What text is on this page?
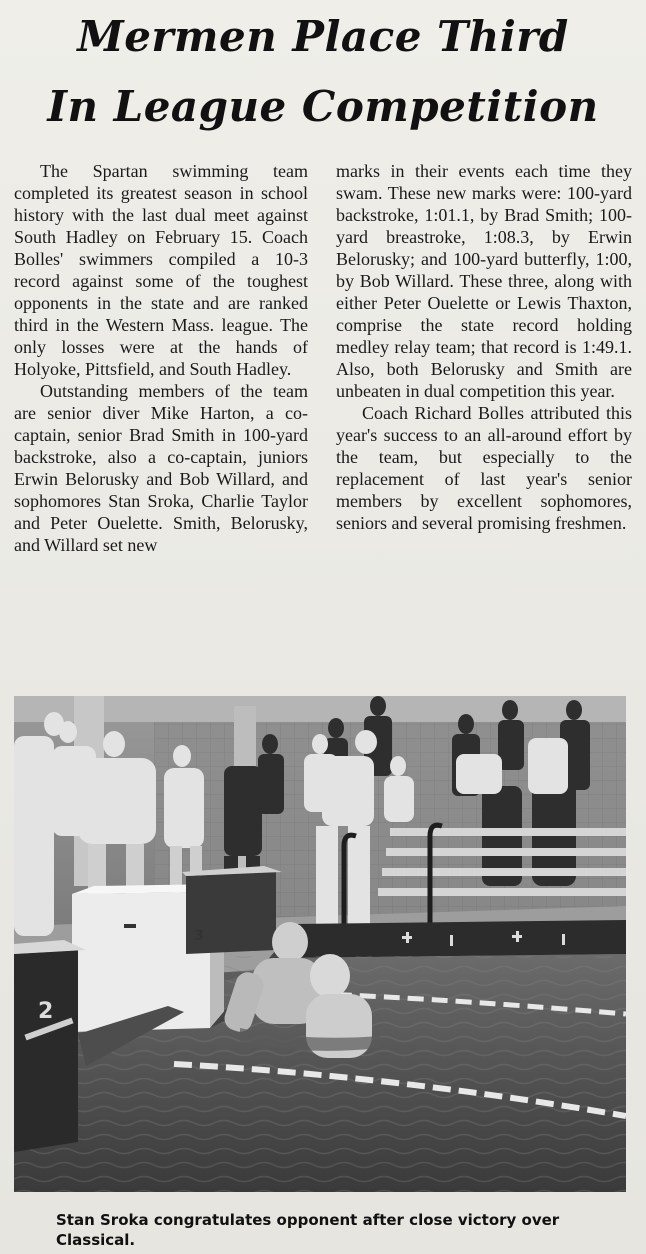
Mermen Place Third
In League Competition

The Spartan swimming team completed its greatest season in school history with the last dual meet against South Hadley on February 15. Coach Bolles' swimmers compiled a 10-3 record against some of the toughest opponents in the state and are ranked third in the Western Mass. league. The only losses were at the hands of Holyoke, Pittsfield, and South Hadley.

Outstanding members of the team are senior diver Mike Harton, a co-captain, senior Brad Smith in 100-yard backstroke, also a co-captain, juniors Erwin Belorusky and Bob Willard, and sophomores Stan Sroka, Charlie Taylor and Peter Ouelette. Smith, Belorusky, and Willard set new

marks in their events each time they swam. These new marks were: 100-yard backstroke, 1:01.1, by Brad Smith; 100-yard breastroke, 1:08.3, by Erwin Belorusky; and 100-yard butterfly, 1:00, by Bob Willard. These three, along with either Peter Ouelette or Lewis Thaxton, comprise the state record holding medley relay team; that record is 1:49.1. Also, both Belorusky and Smith are unbeaten in dual competition this year.

Coach Richard Bolles attributed this year's success to an all-around effort by the team, but especially to the replacement of last year's senior members by excellent sophomores, seniors and several promising freshmen.

2
3
Stan Sroka congratulates opponent after close victory over Classical.
